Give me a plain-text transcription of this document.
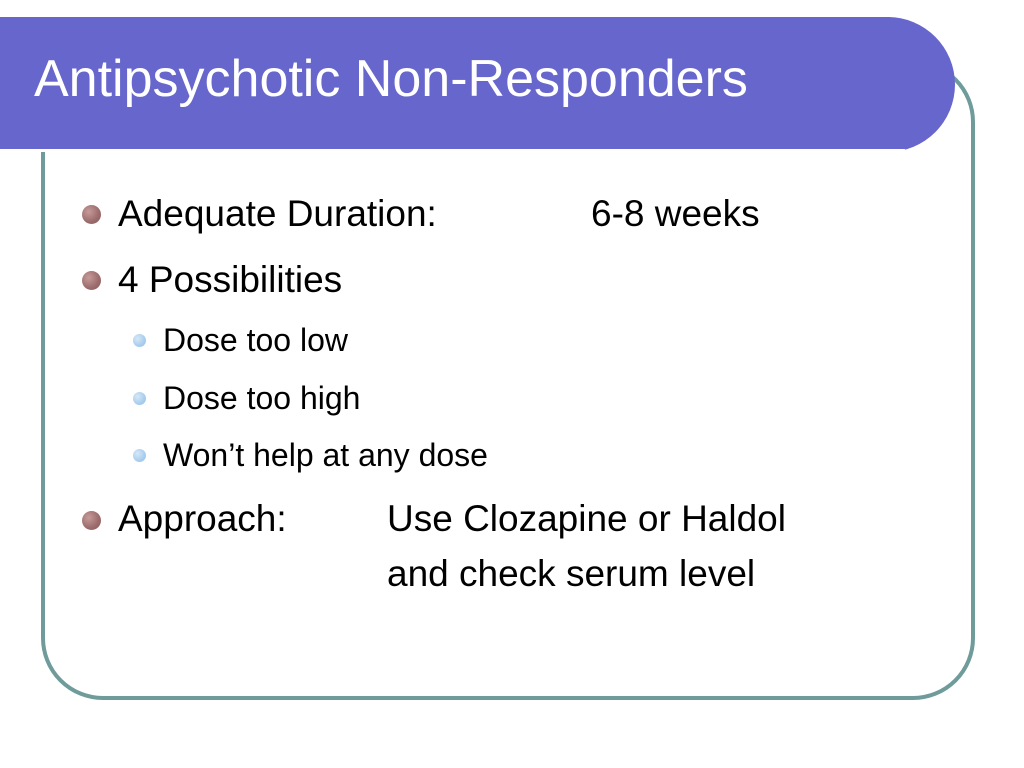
Antipsychotic Non-Responders
Adequate Duration:	6-8 weeks
4 Possibilities
Dose too low
Dose too high
Won’t help at any dose
Approach:	Use Clozapine or Haldol
and check serum level
